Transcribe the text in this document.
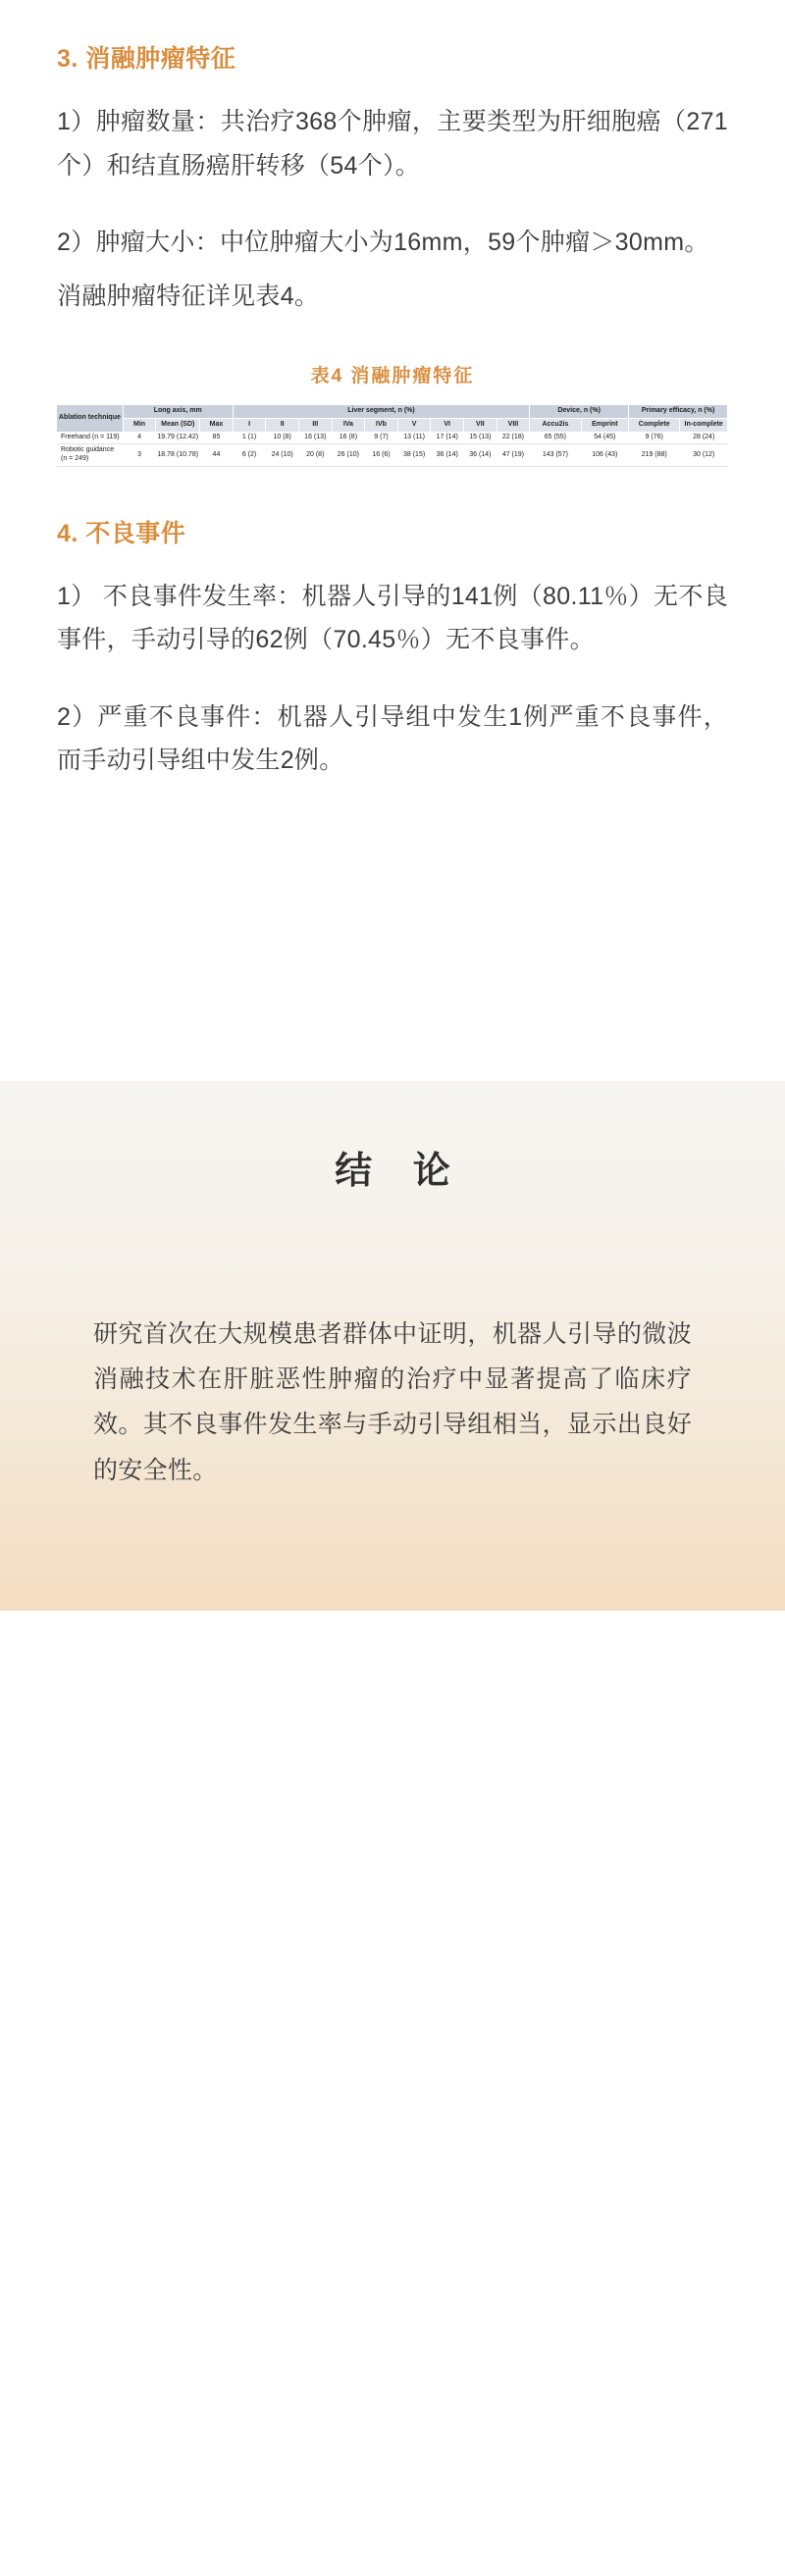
3. 消融肿瘤特征

1）肿瘤数量：共治疗368个肿瘤，主要类型为肝细胞癌（271个）和结直肠癌肝转移（54个）。

2）肿瘤大小：中位肿瘤大小为16mm，59个肿瘤＞30mm。

消融肿瘤特征详见表4。

表4 消融肿瘤特征
Ablation technique	Long axis, mm			Liver segment, n (%)									Device, n (%)		Primary efficacy, n (%)	
	Min	Mean (SD)	Max	I	II	III	IVa	IVb	V	VI	VII	VIII	Accu2is	Emprint	Complete	In-complete
Freehand (n = 119)	4	19.79 (12.42)	85	1 (1)	10 (8)	16 (13)	16 (8)	9 (7)	13 (11)	17 (14)	15 (13)	22 (18)	65 (55)	54 (45)	9 (76)	28 (24)
Robotic guidance (n = 249)	3	18.78 (10.78)	44	6 (2)	24 (10)	20 (8)	26 (10)	16 (6)	38 (15)	36 (14)	36 (14)	47 (19)	143 (57)	106 (43)	219 (88)	30 (12)
4. 不良事件

1） 不良事件发生率：机器人引导的141例（80.11％）无不良事件，手动引导的62例（70.45％）无不良事件。

2）严重不良事件：机器人引导组中发生1例严重不良事件，而手动引导组中发生2例。

结 论
研究首次在大规模患者群体中证明，机器人引导的微波消融技术在肝脏恶性肿瘤的治疗中显著提高了临床疗效。其不良事件发生率与手动引导组相当，显示出良好的安全性。
